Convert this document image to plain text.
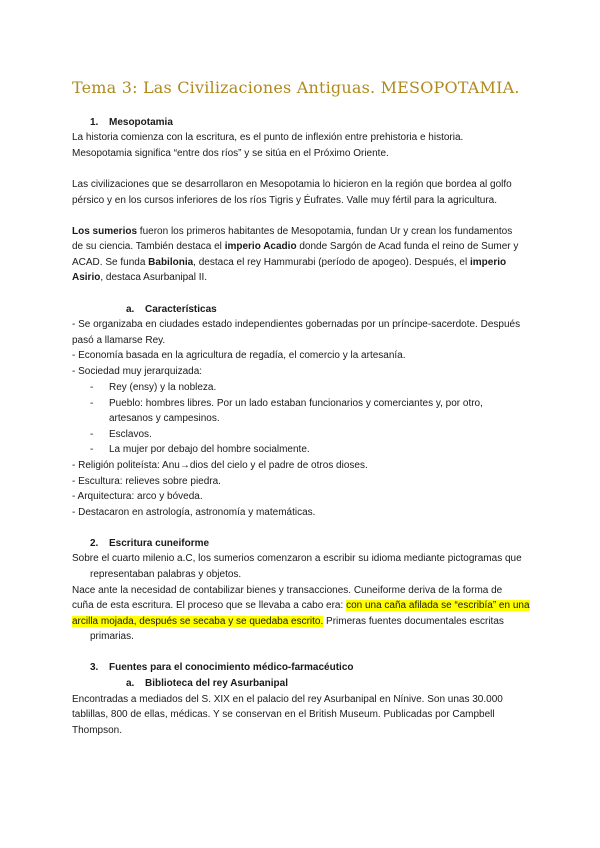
Tema 3: Las Civilizaciones Antiguas. MESOPOTAMIA.
1. Mesopotamia
La historia comienza con la escritura, es el punto de inflexión entre prehistoria e historia.
Mesopotamia significa “entre dos ríos” y se sitúa en el Próximo Oriente.
Las civilizaciones que se desarrollaron en Mesopotamia lo hicieron en la región que bordea al golfo
pérsico y en los cursos inferiores de los ríos Tigris y Éufrates. Valle muy fértil para la agricultura.
Los sumerios fueron los primeros habitantes de Mesopotamia, fundan Ur y crean los fundamentos
de su ciencia. También destaca el imperio Acadio donde Sargón de Acad funda el reino de Sumer y
ACAD. Se funda Babilonia, destaca el rey Hammurabi (período de apogeo). Después, el imperio
Asirio, destaca Asurbanipal II.
a. Características
- Se organizaba en ciudades estado independientes gobernadas por un príncipe-sacerdote. Después
pasó a llamarse Rey.
- Economía basada en la agricultura de regadía, el comercio y la artesanía.
- Sociedad muy jerarquizada:
- Rey (ensy) y la nobleza.
- Pueblo: hombres libres. Por un lado estaban funcionarios y comerciantes y, por otro,
artesanos y campesinos.
- Esclavos.
- La mujer por debajo del hombre socialmente.
- Religión politeísta: Anu→dios del cielo y el padre de otros dioses.
- Escultura: relieves sobre piedra.
- Arquitectura: arco y bóveda.
- Destacaron en astrología, astronomía y matemáticas.
2. Escritura cuneiforme
Sobre el cuarto milenio a.C, los sumerios comenzaron a escribir su idioma mediante pictogramas que
representaban palabras y objetos.
Nace ante la necesidad de contabilizar bienes y transacciones. Cuneiforme deriva de la forma de
cuña de esta escritura. El proceso que se llevaba a cabo era: con una caña afilada se “escribía” en una
arcilla mojada, después se secaba y se quedaba escrito. Primeras fuentes documentales escritas
primarias.
3. Fuentes para el conocimiento médico-farmacéutico
a. Biblioteca del rey Asurbanipal
Encontradas a mediados del S. XIX en el palacio del rey Asurbanipal en Nínive. Son unas 30.000
tablillas, 800 de ellas, médicas. Y se conservan en el British Museum. Publicadas por Campbell
Thompson.
